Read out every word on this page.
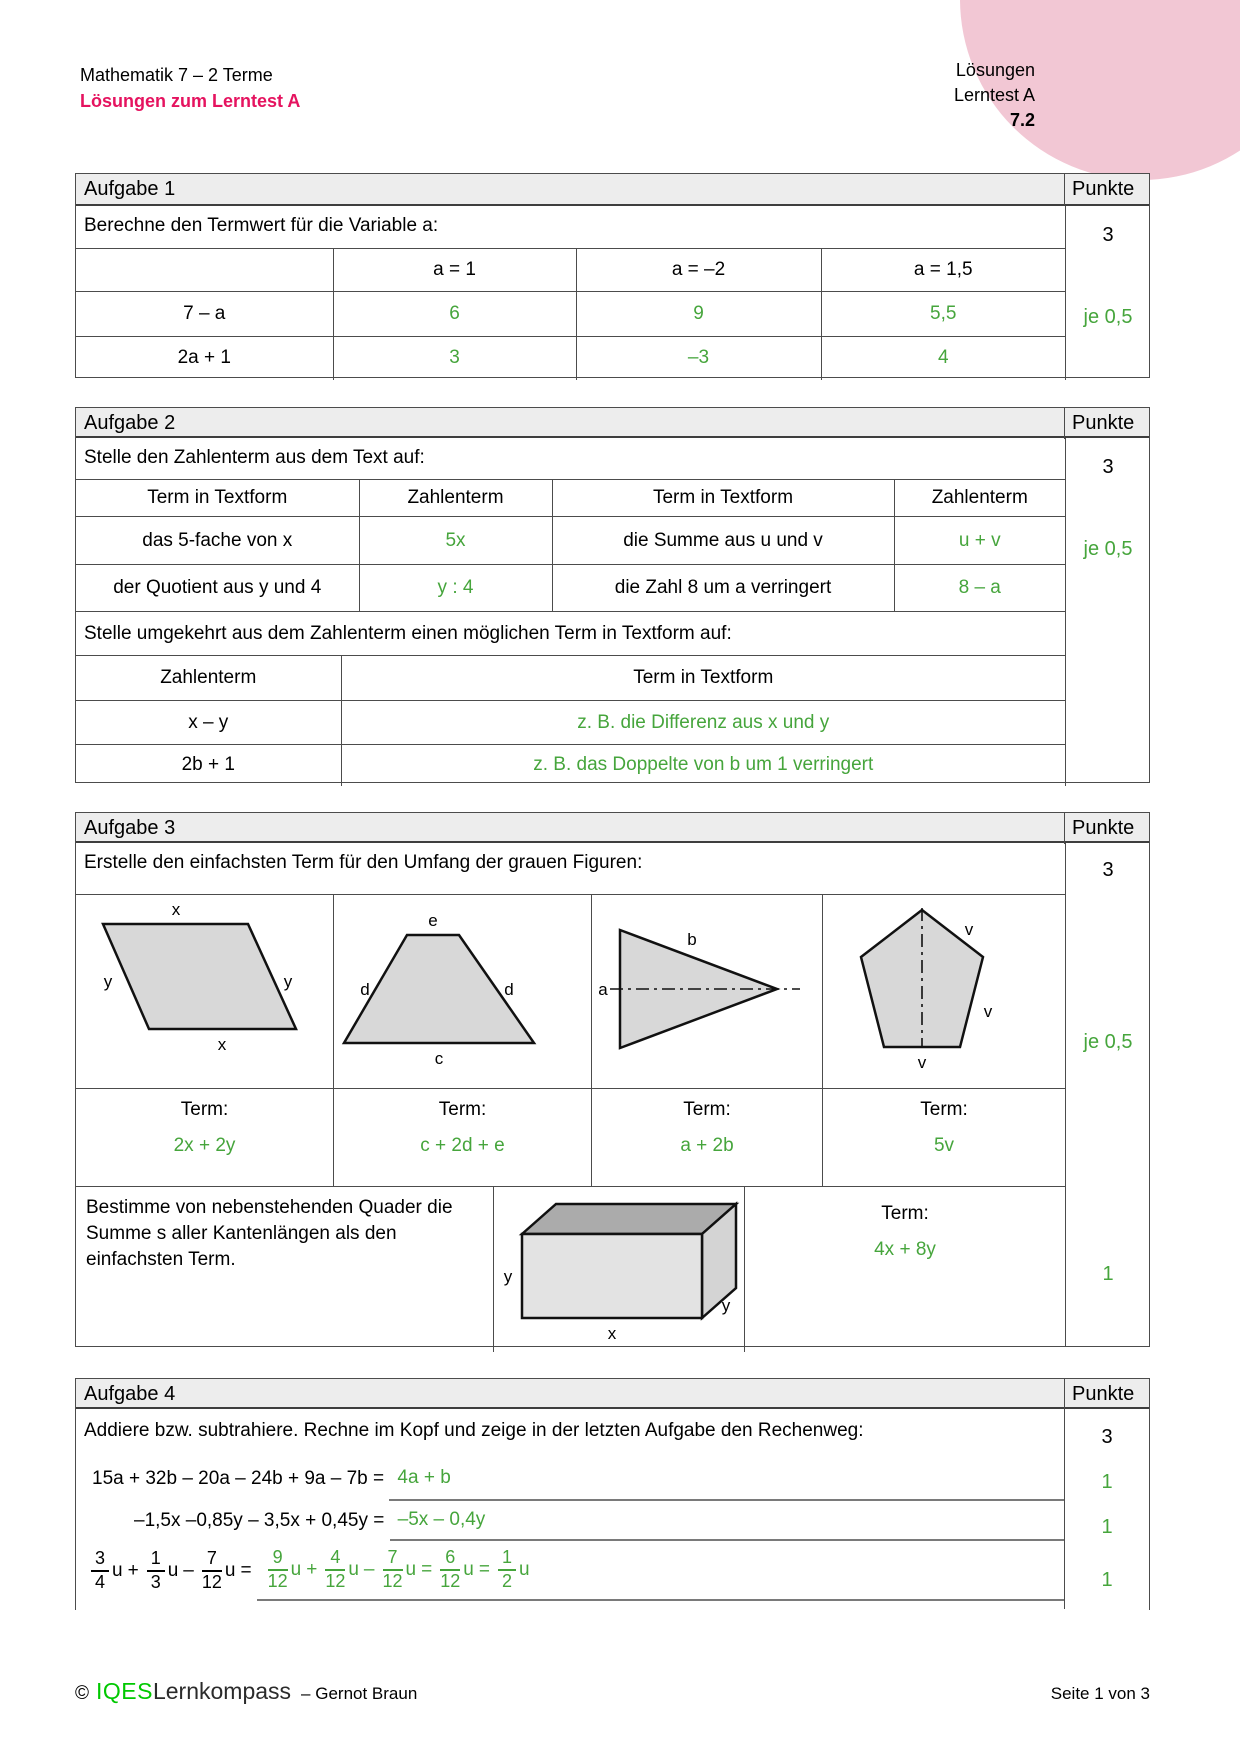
Mathematik 7 – 2 Terme
Lösungen zum Lerntest A
Lösungen
Lerntest A
7.2
Aufgabe 1	Punkte
Berechne den Termwert für die Variable a:
	a = 1	a = –2	a = 1,5
7 – a	6	9	5,5
2a + 1	3	–3	4
3
je 0,5
Aufgabe 2	Punkte
Stelle den Zahlenterm aus dem Text auf:
Term in Textform	Zahlenterm	Term in Textform	Zahlenterm
das 5-fache von x	5x	die Summe aus u und v	u + v
der Quotient aus y und 4	y : 4	die Zahl 8 um a verringert	8 – a
Stelle umgekehrt aus dem Zahlenterm einen möglichen Term in Textform auf:
Zahlenterm	Term in Textform
x – y	z. B. die Differenz aus x und y
2b + 1	z. B. das Doppelte von b um 1 verringert
3
je 0,5
Aufgabe 3	Punkte
Erstelle den einfachsten Term für den Umfang der grauen Figuren:
x
y	y
x
e
d	d
c
a
b
v
v
v
Term:
2x + 2y
Term:
c + 2d + e
Term:
a + 2b
Term:
5v
Bestimme von nebenstehenden Quader die Summe s aller Kantenlängen als den einfachsten Term.
y
y
x
Term:
4x + 8y
3
je 0,5
1
Aufgabe 4	Punkte
Addiere bzw. subtrahiere. Rechne im Kopf und zeige in der letzten Aufgabe den Rechenweg:
15a + 32b – 20a – 24b + 9a – 7b = 4a + b
–1,5x –0,85y – 3,5x + 0,45y = –5x – 0,4y
$\frac{3}{4}$ $u + \frac{1}{3}$ u – $\frac{7}{12}$ $u = \frac{9}{12}$ $u + \frac{4}{12}$ u – $\frac{7}{12}$ $u = \frac{6}{12}$ $u = \frac{1}{2}$ u
3
1
1
1
© IQES Lernkompass – Gernot Braun	Seite 1 von 3
